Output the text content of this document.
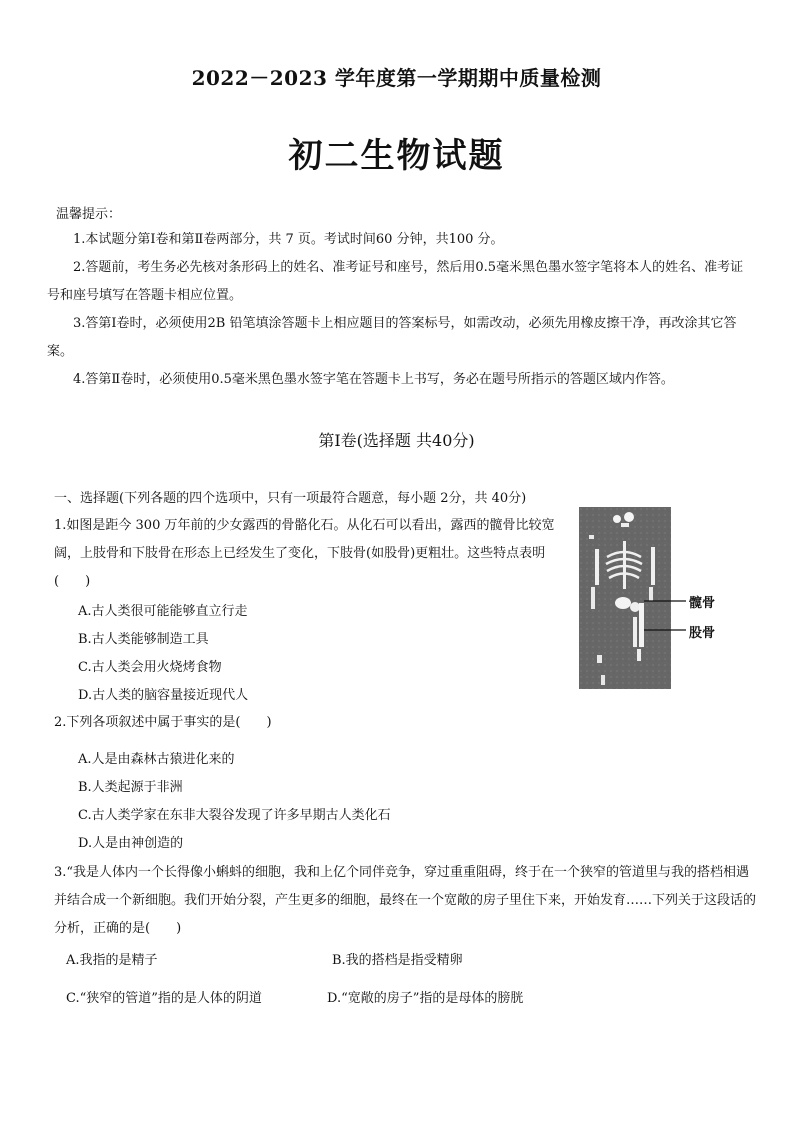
2022－2023 学年度第一学期期中质量检测
初二生物试题
温馨提示：

1.本试题分第Ⅰ卷和第Ⅱ卷两部分，共 7 页。考试时间60 分钟，共100 分。

2.答题前，考生务必先核对条形码上的姓名、准考证号和座号，然后用0.5毫米黑色墨水签字笔将本人的姓名、准考证号和座号填写在答题卡相应位置。

3.答第Ⅰ卷时，必须使用2B 铅笔填涂答题卡上相应题目的答案标号，如需改动，必须先用橡皮擦干净，再改涂其它答案。

4.答第Ⅱ卷时，必须使用0.5毫米黑色墨水签字笔在答题卡上书写，务必在题号所指示的答题区域内作答。

第Ⅰ卷(选择题 共40分)
一、选择题(下列各题的四个选项中，只有一项最符合题意，每小题 2分，共 40分)
1.如图是距今 300 万年前的少女露西的骨骼化石。从化石可以看出，露西的髋骨比较宽阔，上肢骨和下肢骨在形态上已经发生了变化，下肢骨(如股骨)更粗壮。这些特点表明(　　)
A.古人类很可能能够直立行走
B.古人类能够制造工具
C.古人类会用火烧烤食物
D.古人类的脑容量接近现代人
髋骨
股骨
2.下列各项叙述中属于事实的是(　　)
A.人是由森林古猿进化来的
B.人类起源于非洲
C.古人类学家在东非大裂谷发现了许多早期古人类化石
D.人是由神创造的
3.“我是人体内一个长得像小蝌蚪的细胞，我和上亿个同伴竞争，穿过重重阻碍，终于在一个狭窄的管道里与我的搭档相遇并结合成一个新细胞。我们开始分裂，产生更多的细胞，最终在一个宽敞的房子里住下来，开始发育……下列关于这段话的分析，正确的是(　　)
A.我指的是精子	B.我的搭档是指受精卵
C.“狭窄的管道”指的是人体的阴道	D.“宽敞的房子”指的是母体的膀胱
